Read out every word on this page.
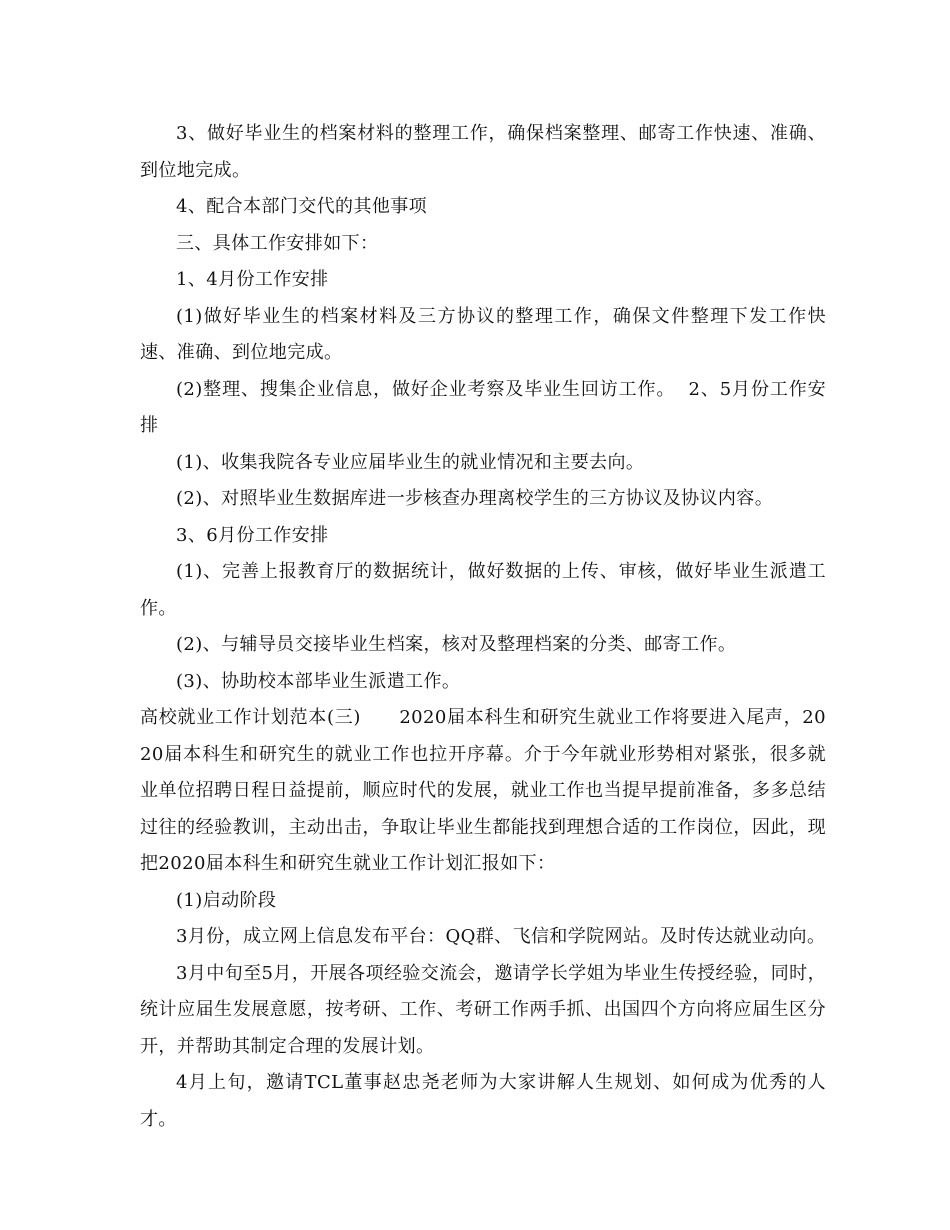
3、做好毕业生的档案材料的整理工作，确保档案整理、邮寄工作快速、准确、到位地完成。

4、配合本部门交代的其他事项

三、具体工作安排如下：

1、4月份工作安排

(1)做好毕业生的档案材料及三方协议的整理工作，确保文件整理下发工作快速、准确、到位地完成。

(2)整理、搜集企业信息，做好企业考察及毕业生回访工作。  2、5月份工作安排

(1)、收集我院各专业应届毕业生的就业情况和主要去向。

(2)、对照毕业生数据库进一步核查办理离校学生的三方协议及协议内容。

3、6月份工作安排

(1)、完善上报教育厅的数据统计，做好数据的上传、审核，做好毕业生派遣工作。

(2)、与辅导员交接毕业生档案，核对及整理档案的分类、邮寄工作。

(3)、协助校本部毕业生派遣工作。

高校就业工作计划范本(三)      2020届本科生和研究生就业工作将要进入尾声，2020届本科生和研究生的就业工作也拉开序幕。介于今年就业形势相对紧张，很多就业单位招聘日程日益提前，顺应时代的发展，就业工作也当提早提前准备，多多总结过往的经验教训，主动出击，争取让毕业生都能找到理想合适的工作岗位，因此，现把2020届本科生和研究生就业工作计划汇报如下：

(1)启动阶段

3月份，成立网上信息发布平台：QQ群、飞信和学院网站。及时传达就业动向。

3月中旬至5月，开展各项经验交流会，邀请学长学姐为毕业生传授经验，同时，统计应届生发展意愿，按考研、工作、考研工作两手抓、出国四个方向将应届生区分开，并帮助其制定合理的发展计划。

4月上旬，邀请TCL董事赵忠尧老师为大家讲解人生规划、如何成为优秀的人才。
